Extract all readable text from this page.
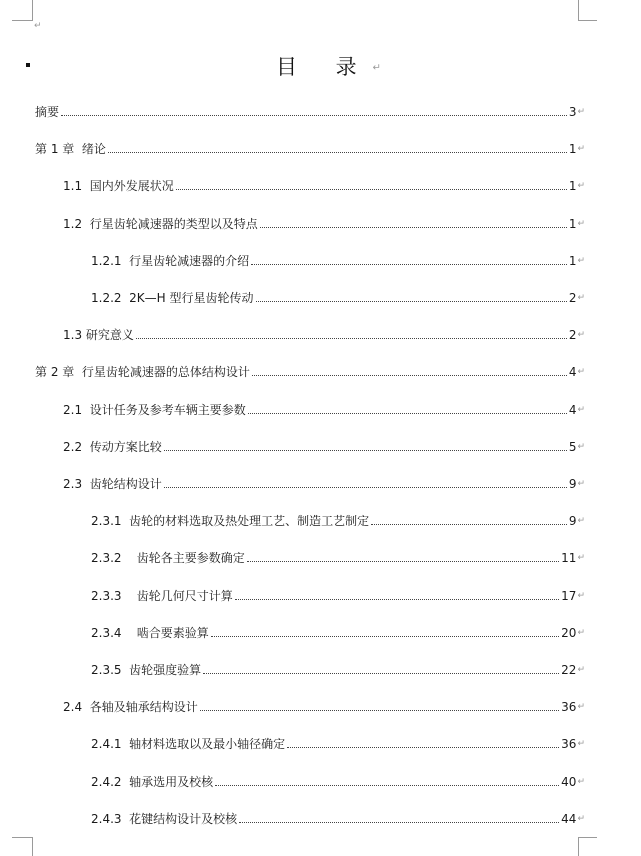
↵
目 录↵
摘要	3 ↵
第 1 章  绪论	1 ↵
1.1  国内外发展状况	1 ↵
1.2  行星齿轮减速器的类型以及特点	1 ↵
1.2.1  行星齿轮减速器的介绍	1 ↵
1.2.2  2K—H 型行星齿轮传动	2 ↵
1.3 研究意义	2 ↵
第 2 章  行星齿轮减速器的总体结构设计	4 ↵
2.1  设计任务及参考车辆主要参数	4 ↵
2.2  传动方案比较	5 ↵
2.3  齿轮结构设计	9 ↵
2.3.1  齿轮的材料选取及热处理工艺、制造工艺制定	9 ↵
2.3.2    齿轮各主要参数确定	11 ↵
2.3.3    齿轮几何尺寸计算	17 ↵
2.3.4    啮合要素验算	20 ↵
2.3.5  齿轮强度验算	22 ↵
2.4  各轴及轴承结构设计	36 ↵
2.4.1  轴材料选取以及最小轴径确定	36 ↵
2.4.2  轴承选用及校核	40 ↵
2.4.3  花键结构设计及校核	44 ↵
